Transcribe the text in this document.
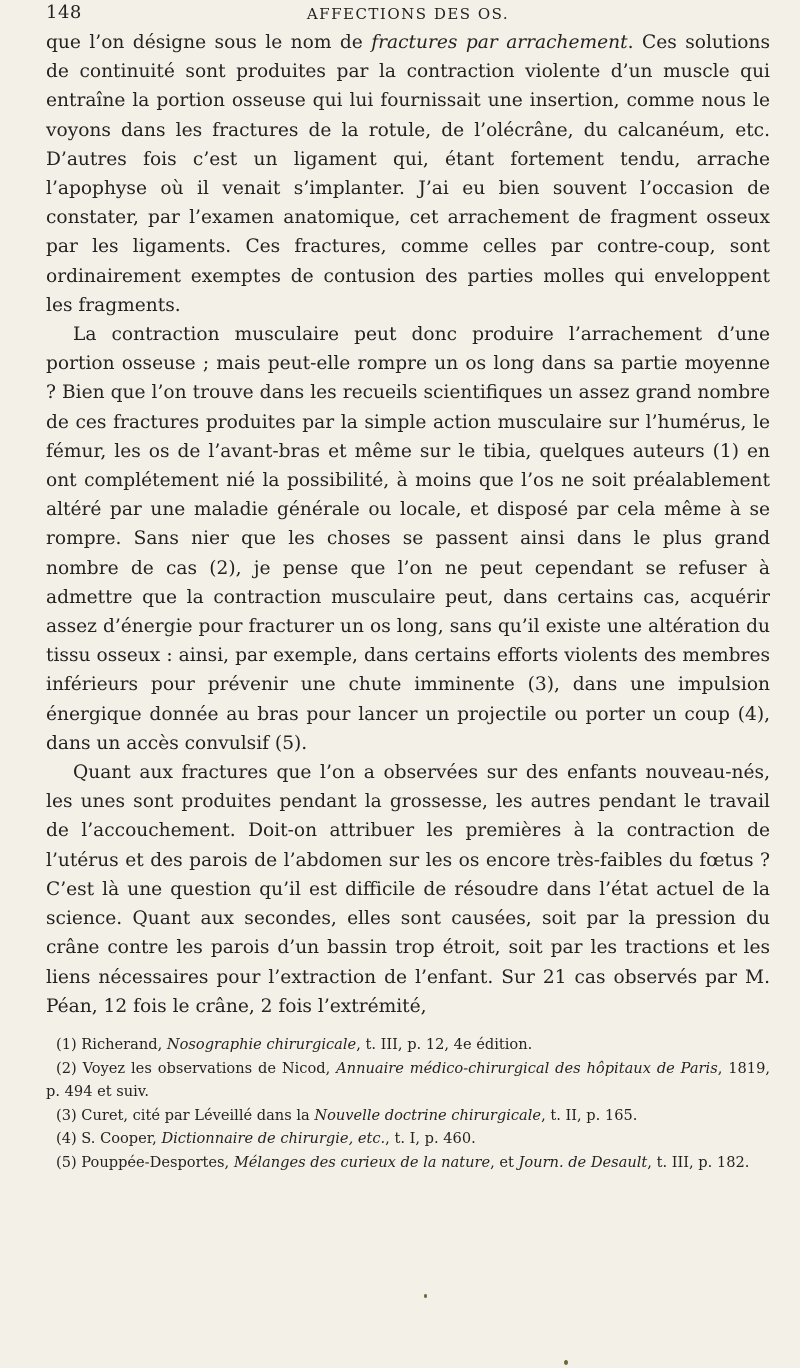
148	AFFECTIONS DES OS.

que l’on désigne sous le nom de fractures par arrachement. Ces solutions de continuité sont produites par la contraction violente d’un muscle qui entraîne la portion osseuse qui lui fournissait une insertion, comme nous le voyons dans les fractures de la rotule, de l’olécrâne, du calcanéum, etc. D’autres fois c’est un ligament qui, étant fortement tendu, arrache l’apophyse où il venait s’implanter. J’ai eu bien souvent l’occasion de constater, par l’examen anatomique, cet arrachement de fragment osseux par les ligaments. Ces fractures, comme celles par contre-coup, sont ordinairement exemptes de contusion des parties molles qui enveloppent les fragments.

La contraction musculaire peut donc produire l’arrachement d’une portion osseuse ; mais peut-elle rompre un os long dans sa partie moyenne ? Bien que l’on trouve dans les recueils scientifiques un assez grand nombre de ces fractures produites par la simple action musculaire sur l’humérus, le fémur, les os de l’avant-bras et même sur le tibia, quelques auteurs (1) en ont complétement nié la possibilité, à moins que l’os ne soit préalablement altéré par une maladie générale ou locale, et disposé par cela même à se rompre. Sans nier que les choses se passent ainsi dans le plus grand nombre de cas (2), je pense que l’on ne peut cependant se refuser à admettre que la contraction musculaire peut, dans certains cas, acquérir assez d’énergie pour fracturer un os long, sans qu’il existe une altération du tissu osseux : ainsi, par exemple, dans certains efforts violents des membres inférieurs pour prévenir une chute imminente (3), dans une impulsion énergique donnée au bras pour lancer un projectile ou porter un coup (4), dans un accès convulsif (5).

Quant aux fractures que l’on a observées sur des enfants nouveau-nés, les unes sont produites pendant la grossesse, les autres pendant le travail de l’accouchement. Doit-on attribuer les premières à la contraction de l’utérus et des parois de l’abdomen sur les os encore très-faibles du fœtus ? C’est là une question qu’il est difficile de résoudre dans l’état actuel de la science. Quant aux secondes, elles sont causées, soit par la pression du crâne contre les parois d’un bassin trop étroit, soit par les tractions et les liens nécessaires pour l’extraction de l’enfant. Sur 21 cas observés par M. Péan, 12 fois le crâne, 2 fois l’extrémité,

(1) Richerand, Nosographie chirurgicale, t. III, p. 12, 4e édition.

(2) Voyez les observations de Nicod, Annuaire médico-chirurgical des hôpitaux de Paris, 1819, p. 494 et suiv.

(3) Curet, cité par Léveillé dans la Nouvelle doctrine chirurgicale, t. II, p. 165.

(4) S. Cooper, Dictionnaire de chirurgie, etc., t. I, p. 460.

(5) Pouppée-Desportes, Mélanges des curieux de la nature, et Journ. de Desault, t. III, p. 182.
